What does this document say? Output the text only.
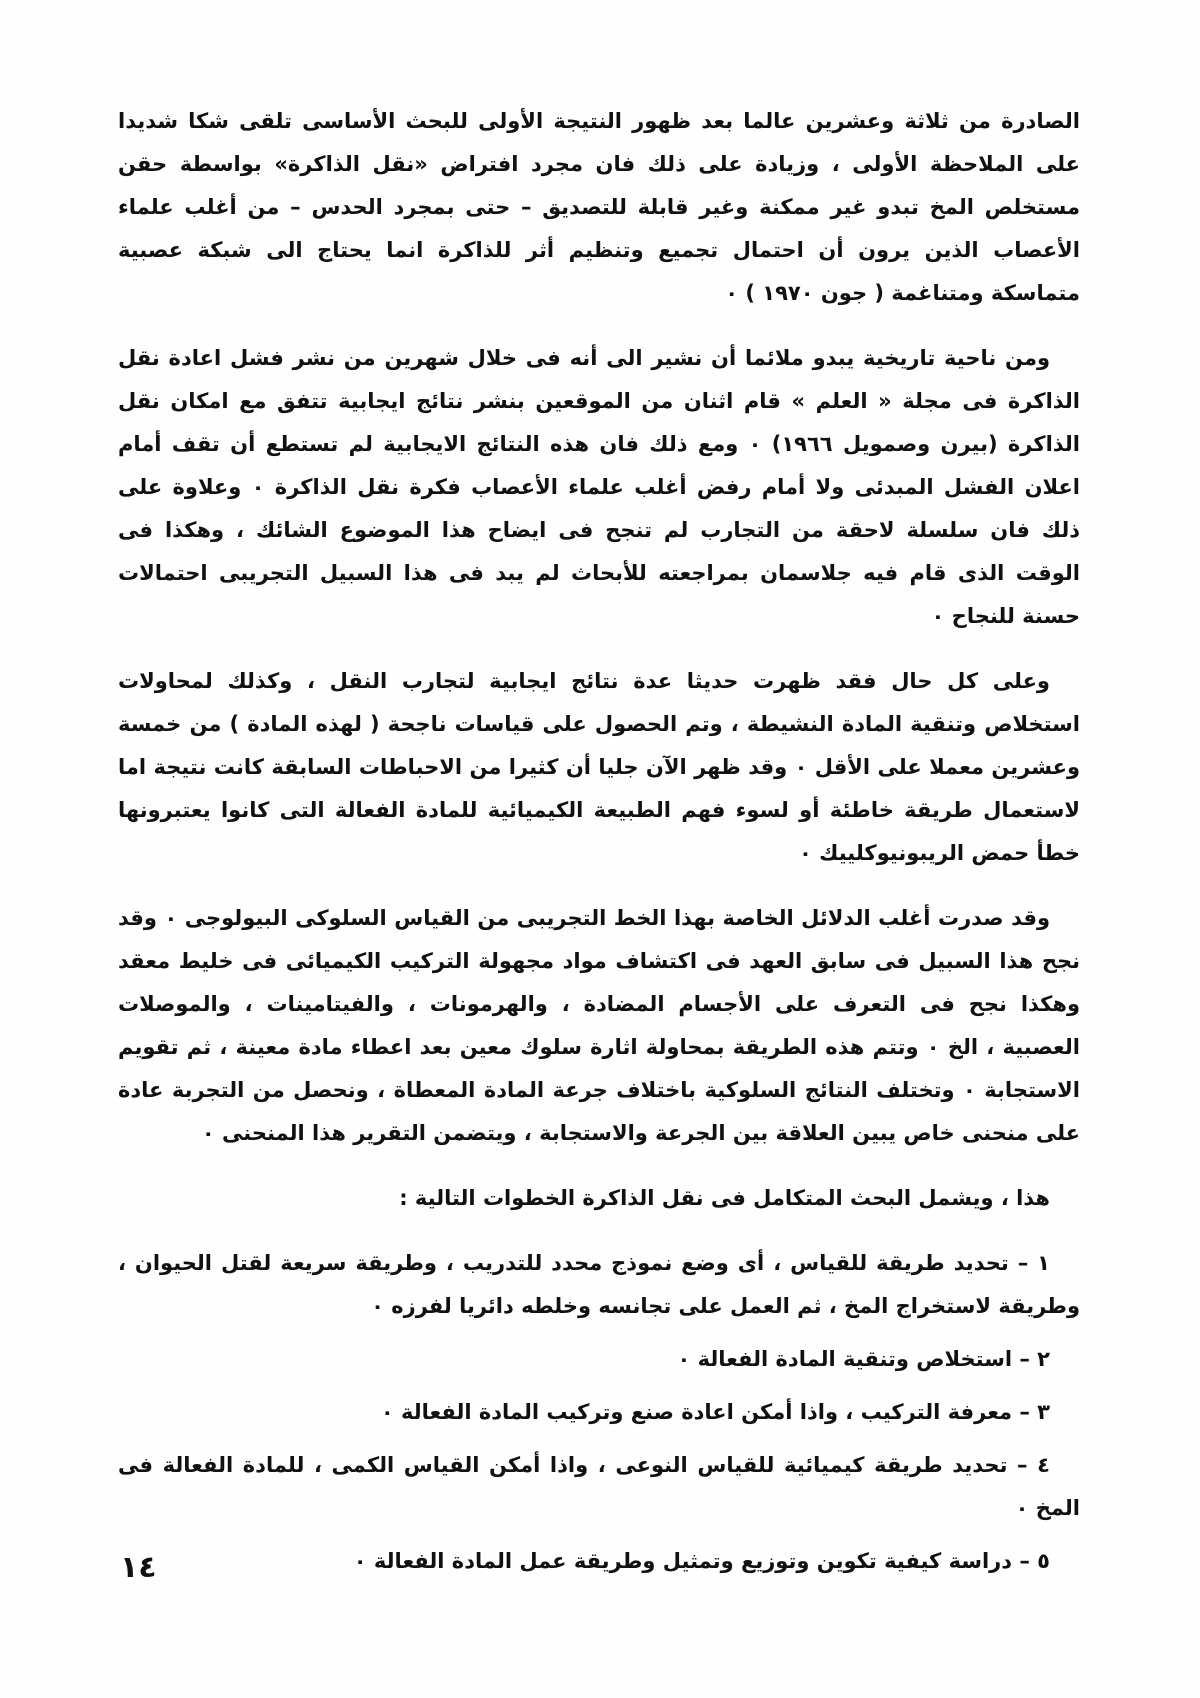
الصادرة من ثلاثة وعشرين عالما بعد ظهور النتيجة الأولى للبحث الأساسى تلقى شكا شديدا على الملاحظة الأولى ، وزيادة على ذلك فان مجرد افتراض «نقل الذاكرة» بواسطة حقن مستخلص المخ تبدو غير ممكنة وغير قابلة للتصديق – حتى بمجرد الحدس – من أغلب علماء الأعصاب الذين يرون أن احتمال تجميع وتنظيم أثر للذاكرة انما يحتاج الى شبكة عصبية متماسكة ومتناغمة ( جون ١٩٧٠ ) ٠

ومن ناحية تاريخية يبدو ملائما أن نشير الى أنه فى خلال شهرين من نشر فشل اعادة نقل الذاكرة فى مجلة « العلم » قام اثنان من الموقعين بنشر نتائج ايجابية تتفق مع امكان نقل الذاكرة (بيرن وصمويل ١٩٦٦) ٠ ومع ذلك فان هذه النتائج الايجابية لم تستطع أن تقف أمام اعلان الفشل المبدئى ولا أمام رفض أغلب علماء الأعصاب فكرة نقل الذاكرة ٠ وعلاوة على ذلك فان سلسلة لاحقة من التجارب لم تنجح فى ايضاح هذا الموضوع الشائك ، وهكذا فى الوقت الذى قام فيه جلاسمان بمراجعته للأبحاث لم يبد فى هذا السبيل التجريبى احتمالات حسنة للنجاح ٠

وعلى كل حال فقد ظهرت حديثا عدة نتائج ايجابية لتجارب النقل ، وكذلك لمحاولات استخلاص وتنقية المادة النشيطة ، وتم الحصول على قياسات ناجحة ( لهذه المادة ) من خمسة وعشرين معملا على الأقل ٠ وقد ظهر الآن جليا أن كثيرا من الاحباطات السابقة كانت نتيجة اما لاستعمال طريقة خاطئة أو لسوء فهم الطبيعة الكيميائية للمادة الفعالة التى كانوا يعتبرونها خطأ حمض الريبونيوكلييك ٠

وقد صدرت أغلب الدلائل الخاصة بهذا الخط التجريبى من القياس السلوكى البيولوجى ٠ وقد نجح هذا السبيل فى سابق العهد فى اكتشاف مواد مجهولة التركيب الكيميائى فى خليط معقد وهكذا نجح فى التعرف على الأجسام المضادة ، والهرمونات ، والفيتامينات ، والموصلات العصبية ، الخ ٠ وتتم هذه الطريقة بمحاولة اثارة سلوك معين بعد اعطاء مادة معينة ، ثم تقويم الاستجابة ٠ وتختلف النتائج السلوكية باختلاف جرعة المادة المعطاة ، ونحصل من التجربة عادة على منحنى خاص يبين العلاقة بين الجرعة والاستجابة ، ويتضمن التقرير هذا المنحنى ٠

هذا ، ويشمل البحث المتكامل فى نقل الذاكرة الخطوات التالية :

١ – تحديد طريقة للقياس ، أى وضع نموذج محدد للتدريب ، وطريقة سريعة لقتل الحيوان ، وطريقة لاستخراج المخ ، ثم العمل على تجانسه وخلطه دائريا لفرزه ٠

٢ – استخلاص وتنقية المادة الفعالة ٠

٣ – معرفة التركيب ، واذا أمكن اعادة صنع وتركيب المادة الفعالة ٠

٤ – تحديد طريقة كيميائية للقياس النوعى ، واذا أمكن القياس الكمى ، للمادة الفعالة فى المخ ٠

٥ – دراسة كيفية تكوين وتوزيع وتمثيل وطريقة عمل المادة الفعالة ٠

١٤
